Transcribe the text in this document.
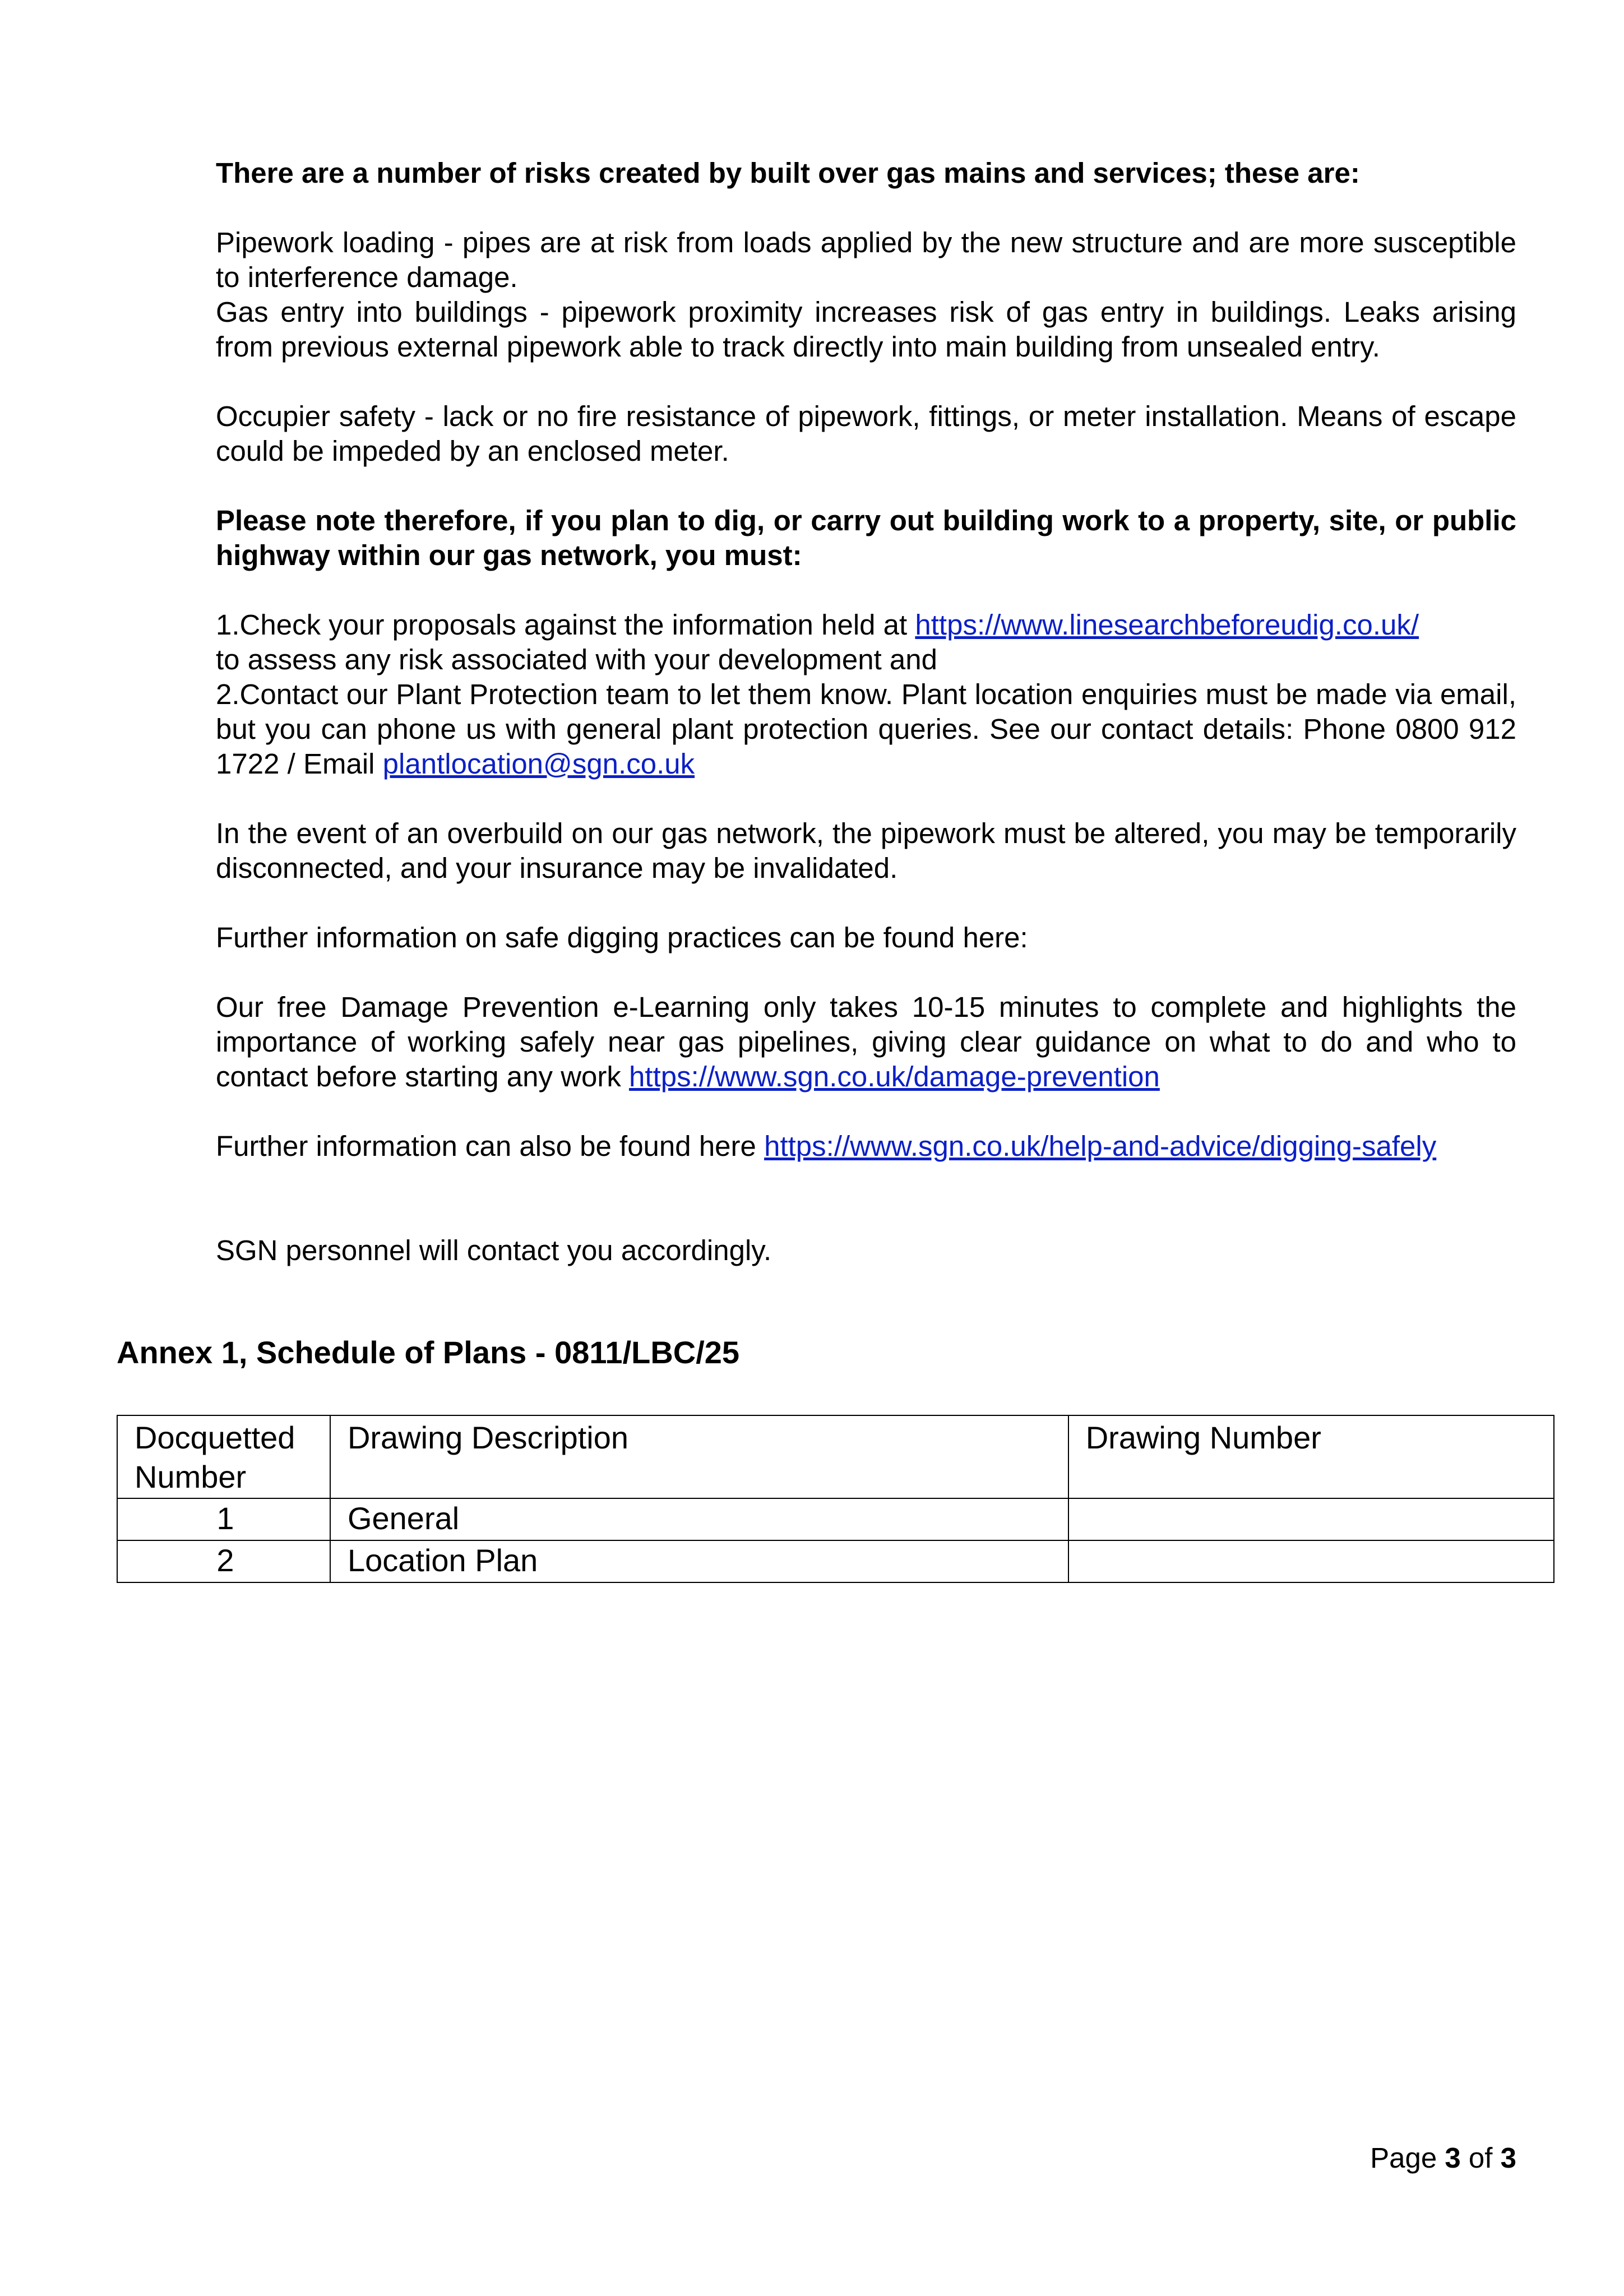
There are a number of risks created by built over gas mains and services; these are:

Pipework loading - pipes are at risk from loads applied by the new structure and are more susceptible to interference damage.

Gas entry into buildings - pipework proximity increases risk of gas entry in buildings. Leaks arising from previous external pipework able to track directly into main building from unsealed entry.

Occupier safety - lack or no fire resistance of pipework, fittings, or meter installation. Means of escape could be impeded by an enclosed meter.

Please note therefore, if you plan to dig, or carry out building work to a property, site, or public highway within our gas network, you must:

1.Check your proposals against the information held at https://www.linesearchbeforeudig.co.uk/
to assess any risk associated with your development and

2.Contact our Plant Protection team to let them know. Plant location enquiries must be made via email, but you can phone us with general plant protection queries. See our contact details: Phone 0800 912 1722 / Email plantlocation@sgn.co.uk

In the event of an overbuild on our gas network, the pipework must be altered, you may be temporarily disconnected, and your insurance may be invalidated.

Further information on safe digging practices can be found here:

Our free Damage Prevention e-Learning only takes 10-15 minutes to complete and highlights the importance of working safely near gas pipelines, giving clear guidance on what to do and who to contact before starting any work https://www.sgn.co.uk/damage-prevention

Further information can also be found here https://www.sgn.co.uk/help-and-advice/digging-safely

SGN personnel will contact you accordingly.

Annex 1, Schedule of Plans - 0811/LBC/25
Docquetted Number	Drawing Description	Drawing Number
1	General	
2	Location Plan	
Page 3 of 3
